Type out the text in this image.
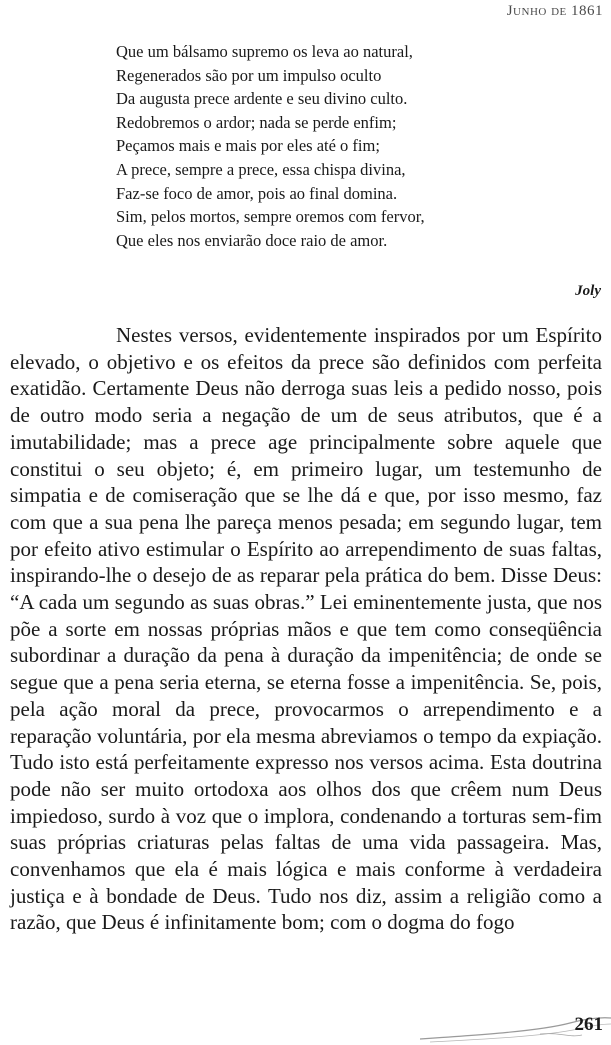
Junho de 1861
Que um bálsamo supremo os leva ao natural,
Regenerados são por um impulso oculto
Da augusta prece ardente e seu divino culto.
Redobremos o ardor; nada se perde enfim;
Peçamos mais e mais por eles até o fim;
A prece, sempre a prece, essa chispa divina,
Faz-se foco de amor, pois ao final domina.
Sim, pelos mortos, sempre oremos com fervor,
Que eles nos enviarão doce raio de amor.
Joly

Nestes versos, evidentemente inspirados por um Espírito elevado, o objetivo e os efeitos da prece são definidos com perfeita exatidão. Certamente Deus não derroga suas leis a pedido nosso, pois de outro modo seria a negação de um de seus atributos, que é a imutabilidade; mas a prece age principalmente sobre aquele que constitui o seu objeto; é, em primeiro lugar, um testemunho de simpatia e de comiseração que se lhe dá e que, por isso mesmo, faz com que a sua pena lhe pareça menos pesada; em segundo lugar, tem por efeito ativo estimular o Espírito ao arrependimento de suas faltas, inspirando-lhe o desejo de as reparar pela prática do bem. Disse Deus: “A cada um segundo as suas obras.” Lei eminentemente justa, que nos põe a sorte em nossas próprias mãos e que tem como conseqüência subordinar a duração da pena à duração da impenitência; de onde se segue que a pena seria eterna, se eterna fosse a impenitência. Se, pois, pela ação moral da prece, provocarmos o arrependimento e a reparação voluntária, por ela mesma abreviamos o tempo da expiação. Tudo isto está perfeitamente expresso nos versos acima. Esta doutrina pode não ser muito ortodoxa aos olhos dos que crêem num Deus impiedoso, surdo à voz que o implora, condenando a torturas sem-fim suas próprias criaturas pelas faltas de uma vida passageira. Mas, convenhamos que ela é mais lógica e mais conforme à verdadeira justiça e à bondade de Deus. Tudo nos diz, assim a religião como a razão, que Deus é infinitamente bom; com o dogma do fogo

261
